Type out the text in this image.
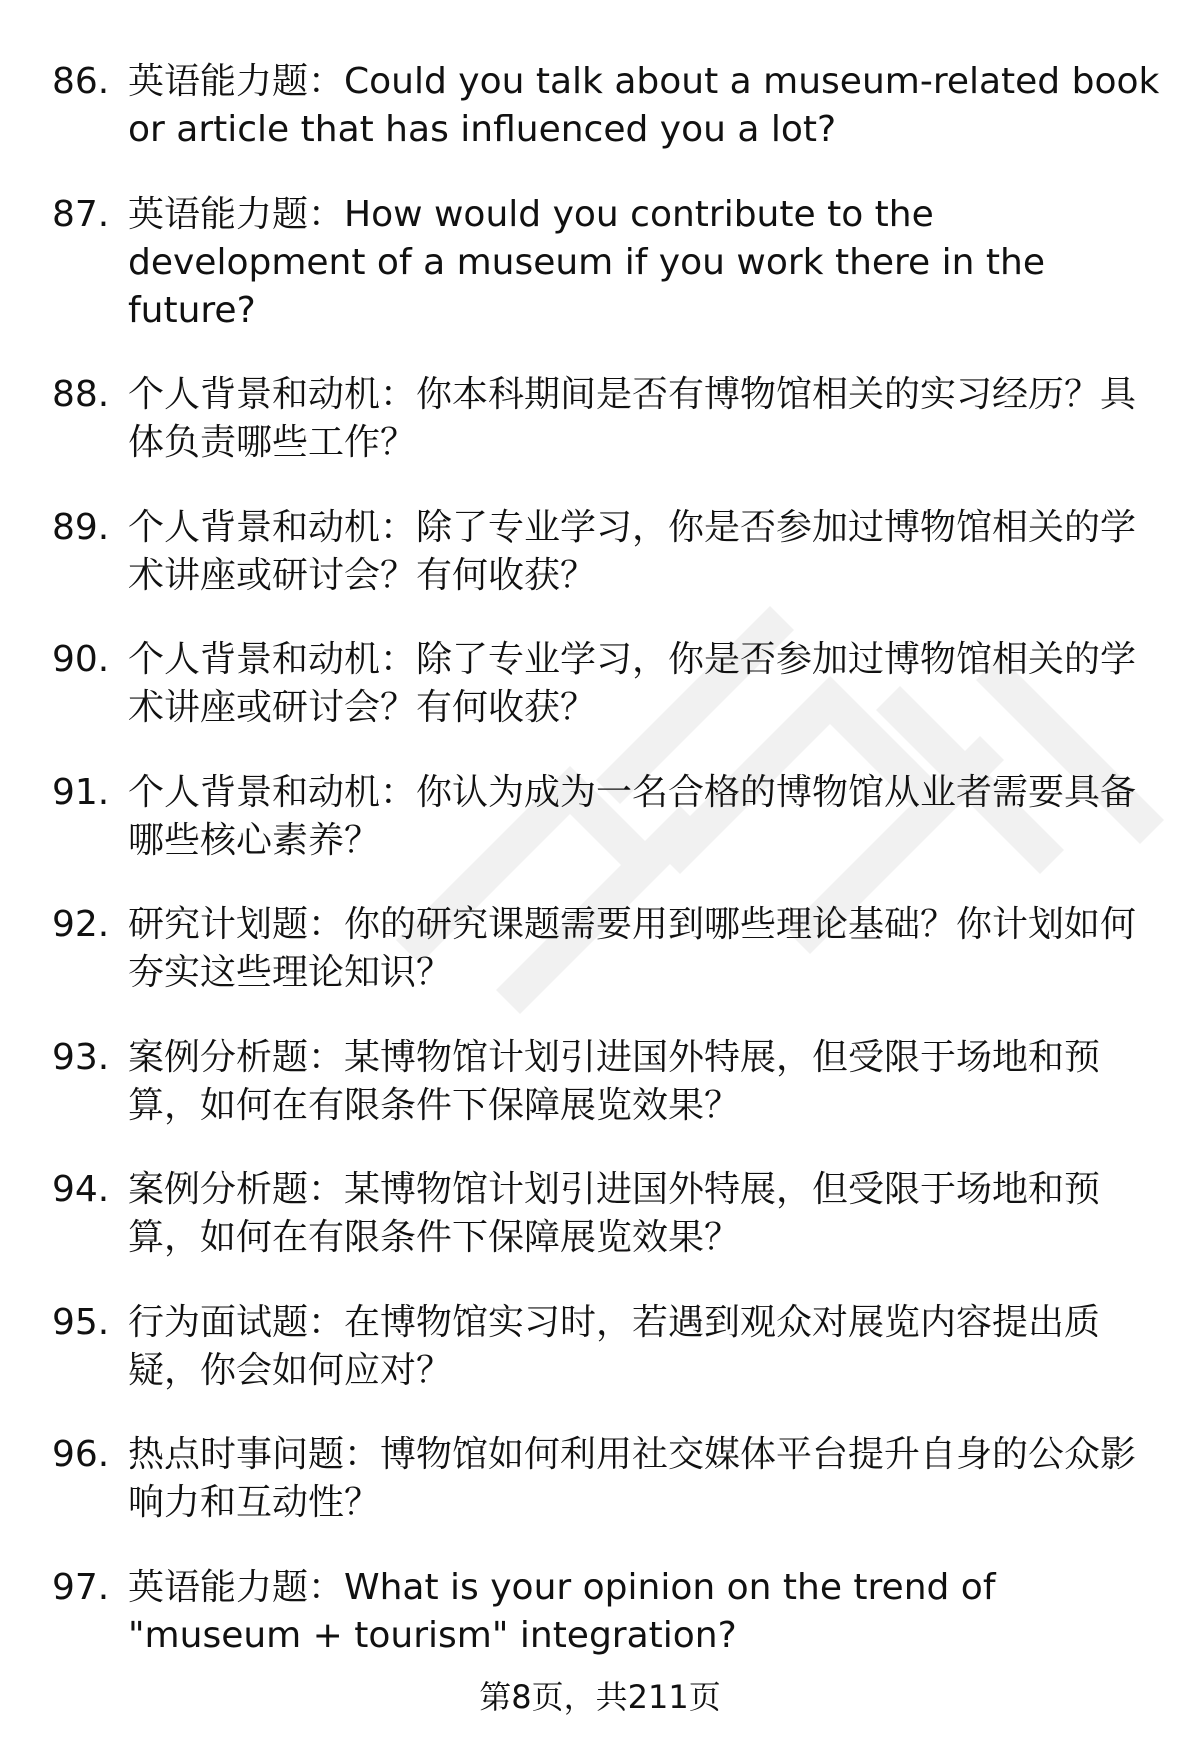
86. 英语能力题：Could you talk about a museum-related book or article that has influenced you a lot?
87. 英语能力题：How would you contribute to the development of a museum if you work there in the future?
88. 个人背景和动机：你本科期间是否有博物馆相关的实习经历？具体负责哪些工作？
89. 个人背景和动机：除了专业学习，你是否参加过博物馆相关的学术讲座或研讨会？有何收获？
90. 个人背景和动机：除了专业学习，你是否参加过博物馆相关的学术讲座或研讨会？有何收获？
91. 个人背景和动机：你认为成为一名合格的博物馆从业者需要具备哪些核心素养？
92. 研究计划题：你的研究课题需要用到哪些理论基础？你计划如何夯实这些理论知识？
93. 案例分析题：某博物馆计划引进国外特展，但受限于场地和预算，如何在有限条件下保障展览效果？
94. 案例分析题：某博物馆计划引进国外特展，但受限于场地和预算，如何在有限条件下保障展览效果？
95. 行为面试题：在博物馆实习时，若遇到观众对展览内容提出质疑，你会如何应对？
96. 热点时事问题：博物馆如何利用社交媒体平台提升自身的公众影响力和互动性？
97. 英语能力题：What is your opinion on the trend of "museum + tourism" integration?
第8页，共211页
